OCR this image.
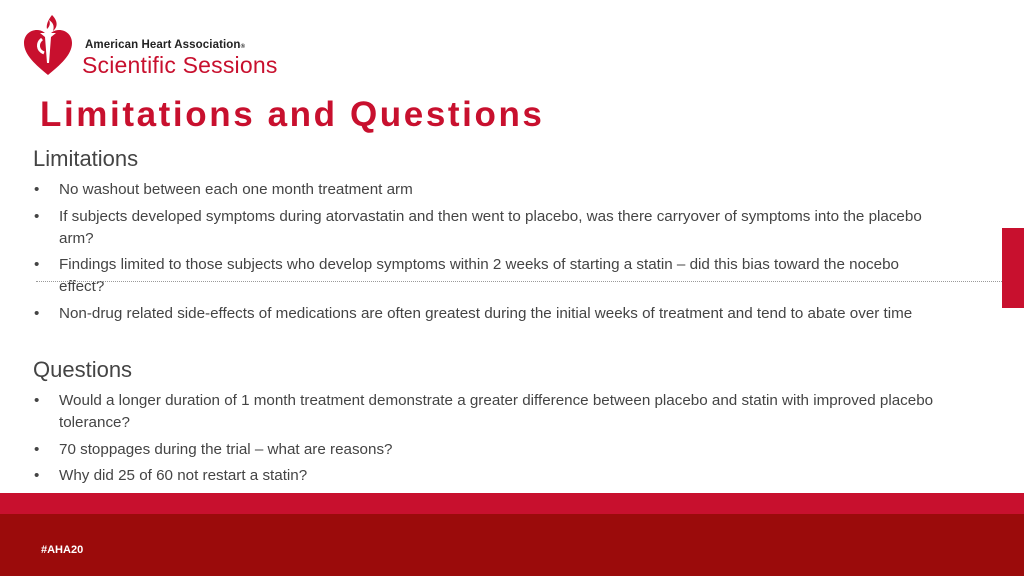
American Heart Association®
Scientific Sessions
Limitations and Questions
Limitations
•	No washout between each one month treatment arm
•	If subjects developed symptoms during atorvastatin and then went to placebo, was there carryover of symptoms into the placebo arm?
•	Findings limited to those subjects who develop symptoms within 2 weeks of starting a statin – did this bias toward the nocebo effect?
•	Non-drug related side-effects of medications are often greatest during the initial weeks of treatment and tend to abate over time
Questions
•	Would a longer duration of 1 month treatment demonstrate a greater difference between placebo and statin with improved placebo tolerance?
•	70 stoppages during the trial – what are reasons?
•	Why did 25 of 60 not restart a statin?
#AHA20
